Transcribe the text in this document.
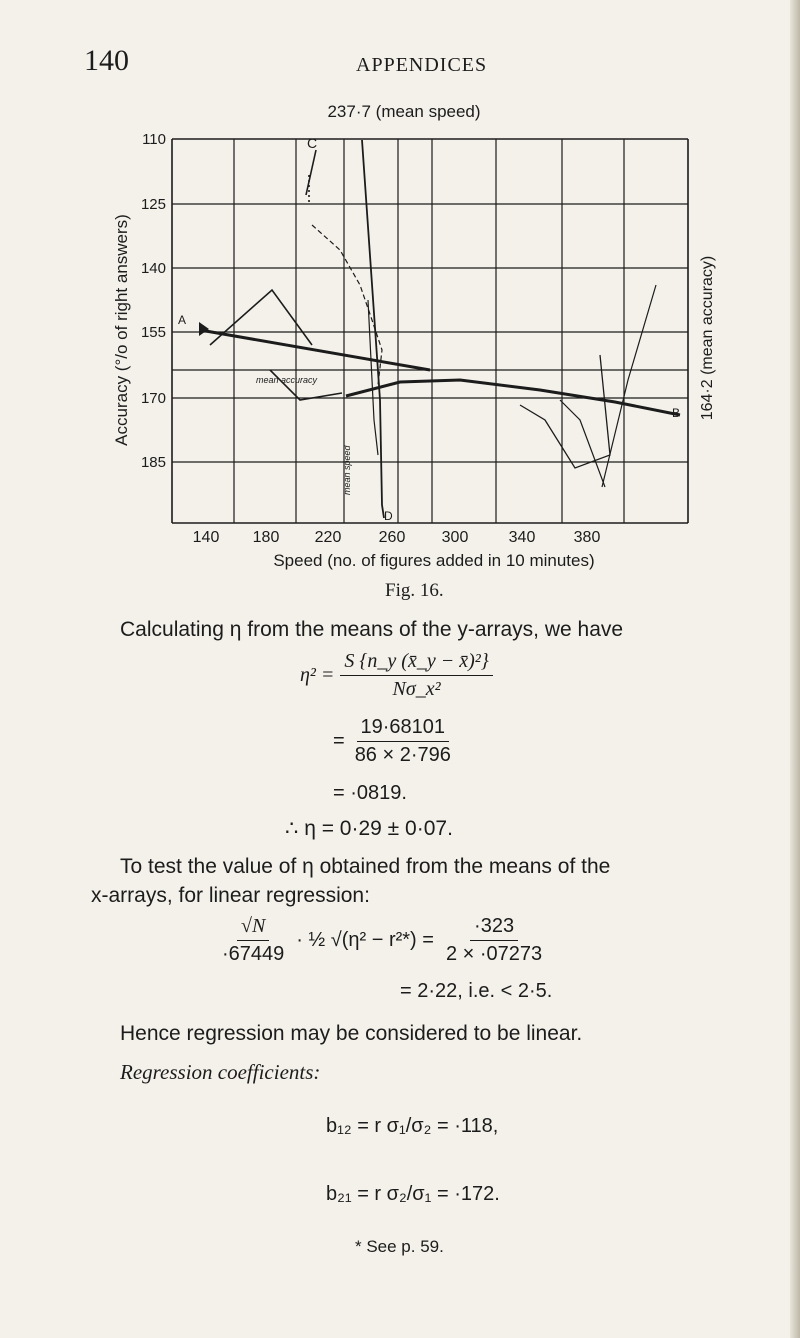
140	APPENDICES
237·7 (mean speed)
140 180 220 260 300	340 380
110
125
140
155
170
185
C
A
B
D
mean accuracy
mean speed
Accuracy (°/o of right answers)	164·2 (mean accuracy)
Speed (no. of figures added in 10 minutes)
Fig. 16.
Calculating η from the means of the y-arrays, we have
$\eta^2 = \frac{\text{S \{n\_y (x̄\_y − x̄)²\}}}{\text{Nσ\_x²}}$
= $\frac{19\cdot 68101}{86 \times 2\cdot 796}$
= ·0819.
∴ η = 0·29 ± 0·07.
To test the value of η obtained from the means of the
x-arrays, for linear regression:
$\frac{√N}{\cdot 67449}$ · ½ $√(\eta^2 - r^2*) = \frac{\cdot 323}{2 \times \cdot 07273}$
= 2·22, i.e. < 2·5.
Hence regression may be considered to be linear.
Regression coefficients:
b₁₂ = r σ₁/σ₂ = ·118,
b₂₁ = r σ₂/σ₁ = ·172.
* See p. 59.
